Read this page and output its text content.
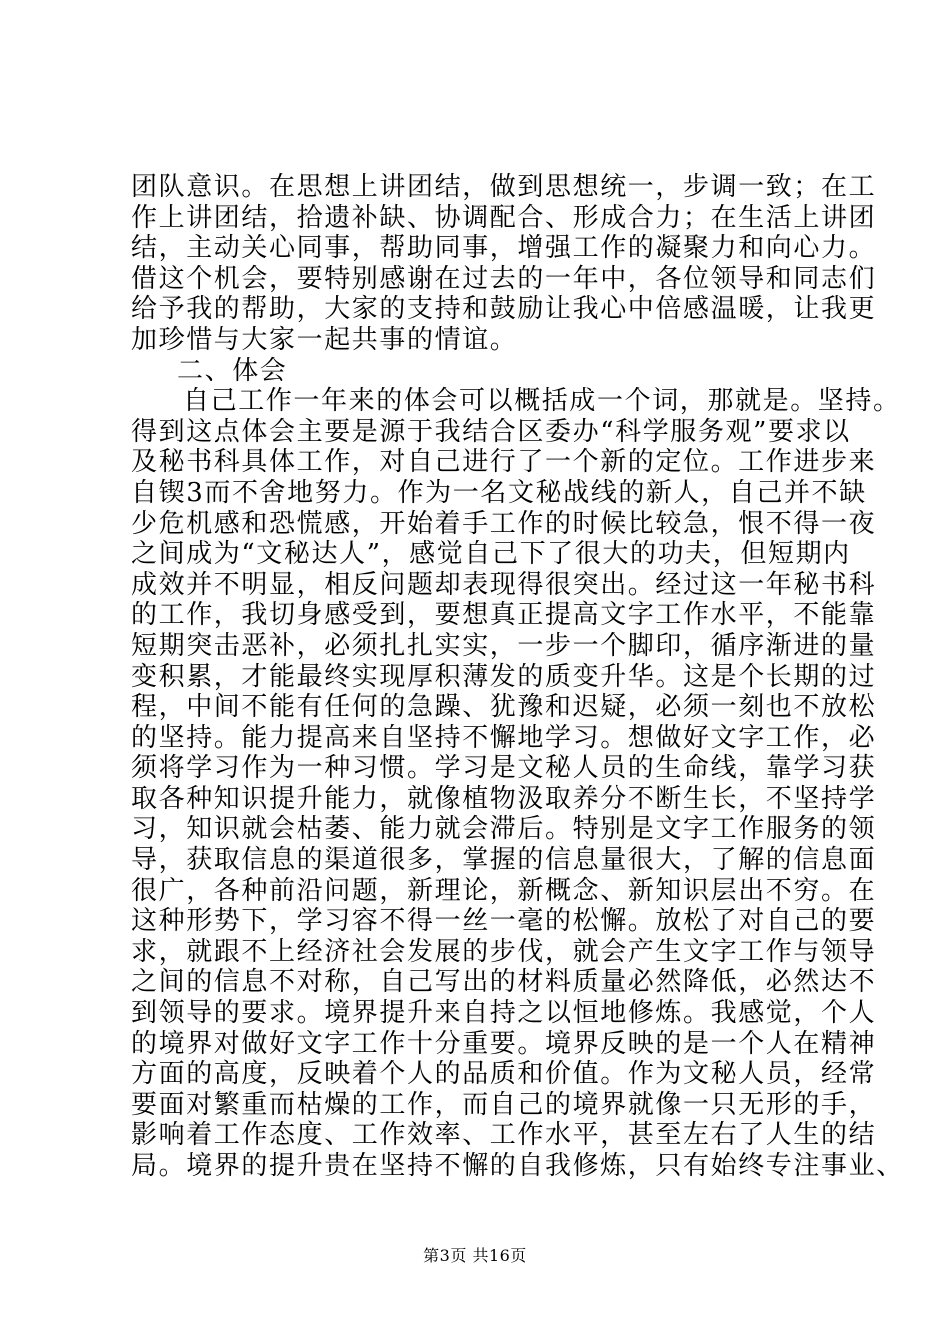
团队意识。在思想上讲团结，做到思想统一，步调一致；在工
作上讲团结，拾遗补缺、协调配合、形成合力；在生活上讲团
结，主动关心同事，帮助同事，增强工作的凝聚力和向心力。
借这个机会，要特别感谢在过去的一年中，各位领导和同志们
给予我的帮助，大家的支持和鼓励让我心中倍感温暖，让我更
加珍惜与大家一起共事的情谊。
二、体会
自己工作一年来的体会可以概括成一个词，那就是。坚持。
得到这点体会主要是源于我结合区委办“科学服务观”要求以
及秘书科具体工作，对自己进行了一个新的定位。工作进步来
自锲3而不舍地努力。作为一名文秘战线的新人，自己并不缺
少危机感和恐慌感，开始着手工作的时候比较急，恨不得一夜
之间成为“文秘达人”，感觉自己下了很大的功夫，但短期内
成效并不明显，相反问题却表现得很突出。经过这一年秘书科
的工作，我切身感受到，要想真正提高文字工作水平，不能靠
短期突击恶补，必须扎扎实实，一步一个脚印，循序渐进的量
变积累，才能最终实现厚积薄发的质变升华。这是个长期的过
程，中间不能有任何的急躁、犹豫和迟疑，必须一刻也不放松
的坚持。能力提高来自坚持不懈地学习。想做好文字工作，必
须将学习作为一种习惯。学习是文秘人员的生命线，靠学习获
取各种知识提升能力，就像植物汲取养分不断生长，不坚持学
习，知识就会枯萎、能力就会滞后。特别是文字工作服务的领
导，获取信息的渠道很多，掌握的信息量很大，了解的信息面
很广，各种前沿问题，新理论，新概念、新知识层出不穷。在
这种形势下，学习容不得一丝一毫的松懈。放松了对自己的要
求，就跟不上经济社会发展的步伐，就会产生文字工作与领导
之间的信息不对称，自己写出的材料质量必然降低，必然达不
到领导的要求。境界提升来自持之以恒地修炼。我感觉，个人
的境界对做好文字工作十分重要。境界反映的是一个人在精神
方面的高度，反映着个人的品质和价值。作为文秘人员，经常
要面对繁重而枯燥的工作，而自己的境界就像一只无形的手，
影响着工作态度、工作效率、工作水平，甚至左右了人生的结
局。境界的提升贵在坚持不懈的自我修炼，只有始终专注事业、
第3页 共16页
